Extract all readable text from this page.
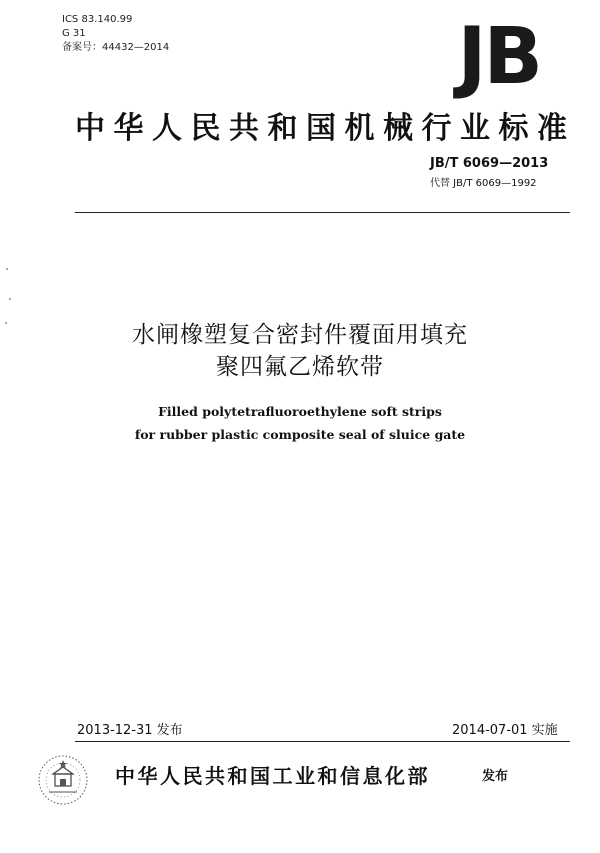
ICS 83.140.99
G 31
备案号：44432—2014	JB
中华人民共和国机械行业标准
JB/T 6069—2013
代替 JB/T 6069—1992
水闸橡塑复合密封件覆面用填充
聚四氟乙烯软带
Filled polytetrafluoroethylene soft strips
for rubber plastic composite seal of sluice gate
2013-12-31 发布	2014-07-01 实施
中华人民共和国工业和信息化部	发布
